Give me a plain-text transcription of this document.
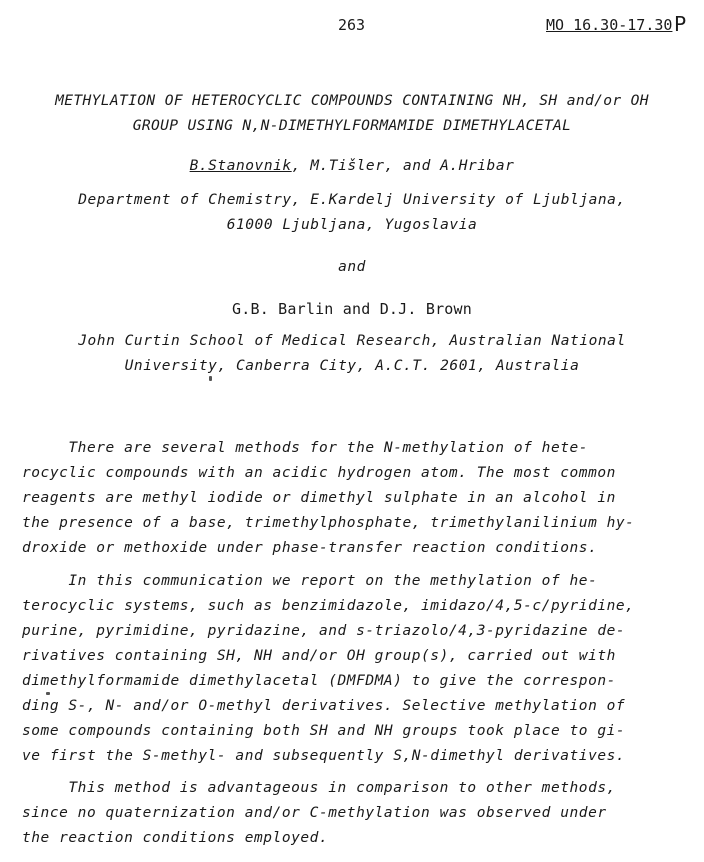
263	MO 16.30-17.30 P
METHYLATION OF HETEROCYCLIC COMPOUNDS CONTAINING NH, SH and/or OH
GROUP USING N,N-DIMETHYLFORMAMIDE DIMETHYLACETAL
B.Stanovnik, M.Tišler, and A.Hribar
Department of Chemistry, E.Kardelj University of Ljubljana,
61000 Ljubljana, Yugoslavia
and
G.B. Barlin and D.J. Brown
John Curtin School of Medical Research, Australian National
University, Canberra City, A.C.T. 2601, Australia
There are several methods for the N-methylation of hete-
rocyclic compounds with an acidic hydrogen atom. The most common
reagents are methyl iodide or dimethyl sulphate in an alcohol in
the presence of a base, trimethylphosphate, trimethylanilinium hy-
droxide or methoxide under phase-transfer reaction conditions.
In this communication we report on the methylation of he-
terocyclic systems, such as benzimidazole, imidazo/4,5-c/pyridine,
purine, pyrimidine, pyridazine, and s-triazolo/4,3-pyridazine de-
rivatives containing SH, NH and/or OH group(s), carried out with
dimethylformamide dimethylacetal (DMFDMA) to give the correspon-
ding S-, N- and/or O-methyl derivatives. Selective methylation of
some compounds containing both SH and NH groups took place to gi-
ve first the S-methyl- and subsequently S,N-dimethyl derivatives.
This method is advantageous in comparison to other methods,
since no quaternization and/or C-methylation was observed under
the reaction conditions employed.
